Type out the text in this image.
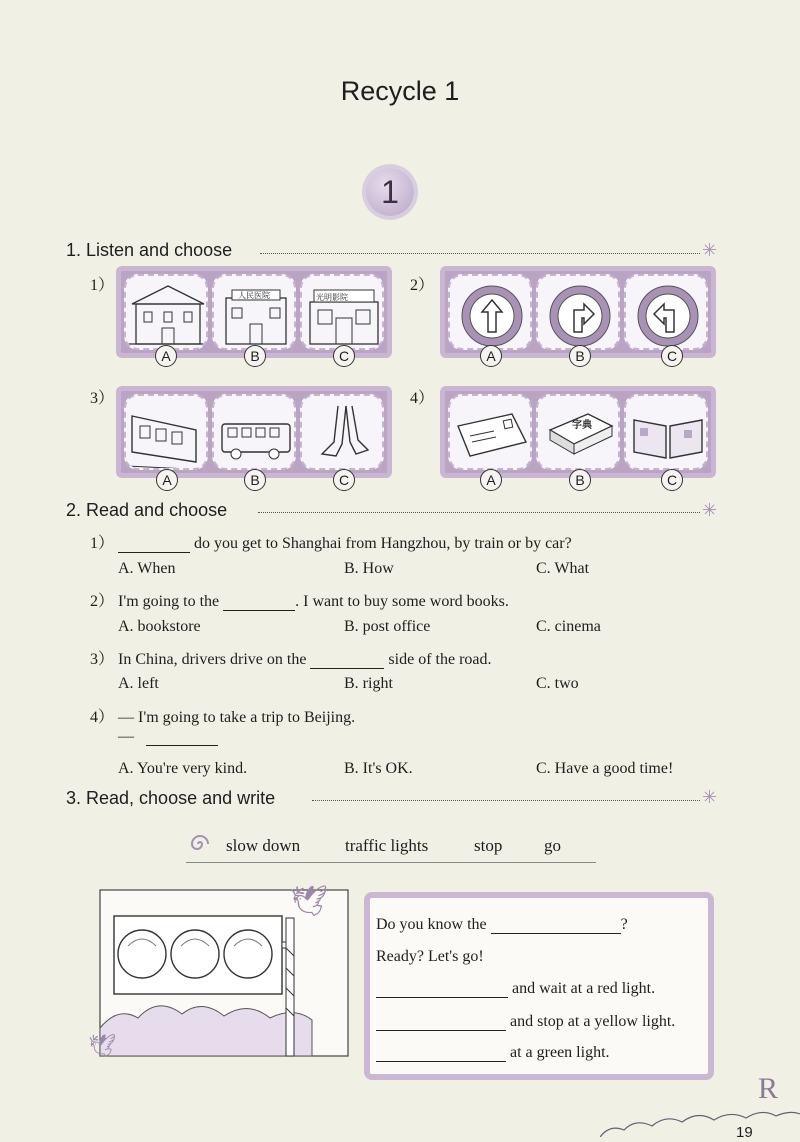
Recycle 1
1
1. Listen and choose	✳
1）
人民医院	光明影院
A	B	C
2）
A	B	C
3）
A	B	C
4）
字典
A	B	C
2. Read and choose	✳
1）	do you get to Shanghai from Hangzhou, by train or by car?
A. When	B. How	C. What
2） I'm going to the	. I want to buy some word books.
A. bookstore	B. post office	C. cinema
3） In China, drivers drive on the	side of the road.
A. left	B. right	C. two
4） — I'm going to take a trip to Beijing.
—
A. You're very kind.	B. It's OK.	C. Have a good time!
3. Read, choose and write	✳
slow down	traffic lights	stop go
🕊
🕊
Do you know the	?
Ready? Let's go!
and wait at a red light.
and stop at a yellow light.
at a green light.
R
19
